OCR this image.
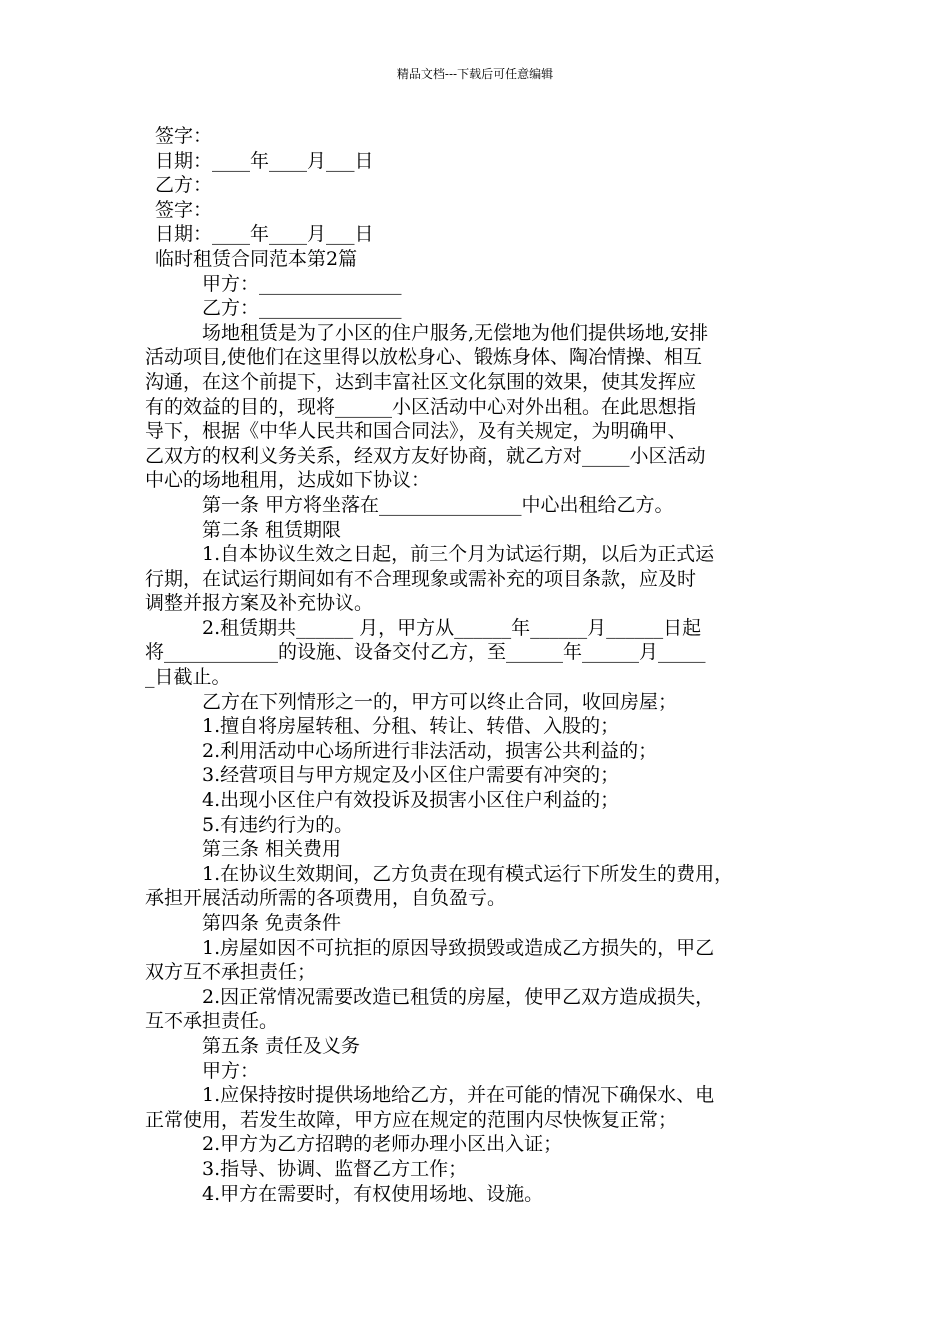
精品文档---下载后可任意编辑
签字：
日期：____年____月___日
乙方：
签字：
日期：____年____月___日
临时租赁合同范本第2篇
甲方：_______________
乙方：_______________
场地租赁是为了小区的住户服务,无偿地为他们提供场地,安排
活动项目,使他们在这里得以放松身心、锻炼身体、陶冶情操、相互
沟通，在这个前提下，达到丰富社区文化氛围的效果，使其发挥应
有的效益的目的，现将______小区活动中心对外出租。在此思想指
导下，根据《中华人民共和国合同法》，及有关规定，为明确甲、
乙双方的权利义务关系，经双方友好协商，就乙方对_____小区活动
中心的场地租用，达成如下协议：
第一条 甲方将坐落在_______________中心出租给乙方。
第二条 租赁期限
1.自本协议生效之日起，前三个月为试运行期，以后为正式运
行期，在试运行期间如有不合理现象或需补充的项目条款，应及时
调整并报方案及补充协议。
2.租赁期共______ 月，甲方从______年______月______日起
将____________的设施、设备交付乙方，至______年______月_____
_日截止。
乙方在下列情形之一的，甲方可以终止合同，收回房屋；
1.擅自将房屋转租、分租、转让、转借、入股的；
2.利用活动中心场所进行非法活动，损害公共利益的；
3.经营项目与甲方规定及小区住户需要有冲突的；
4.出现小区住户有效投诉及损害小区住户利益的；
5.有违约行为的。
第三条 相关费用
1.在协议生效期间，乙方负责在现有模式运行下所发生的费用，
承担开展活动所需的各项费用，自负盈亏。
第四条 免责条件
1.房屋如因不可抗拒的原因导致损毁或造成乙方损失的，甲乙
双方互不承担责任；
2.因正常情况需要改造已租赁的房屋，使甲乙双方造成损失，
互不承担责任。
第五条 责任及义务
甲方：
1.应保持按时提供场地给乙方，并在可能的情况下确保水、电
正常使用，若发生故障，甲方应在规定的范围内尽快恢复正常；
2.甲方为乙方招聘的老师办理小区出入证；
3.指导、协调、监督乙方工作；
4.甲方在需要时，有权使用场地、设施。
